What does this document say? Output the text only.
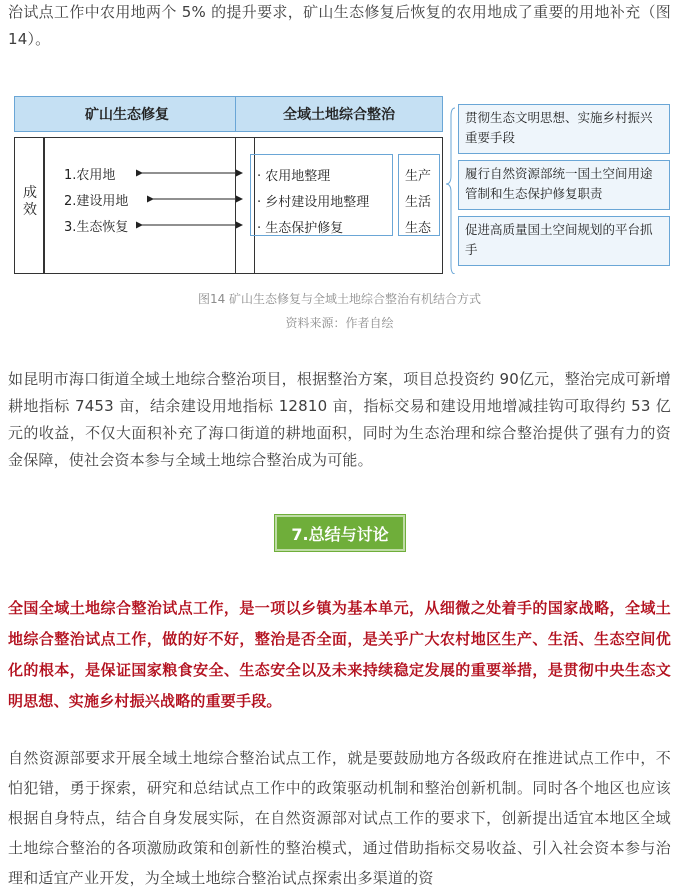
治试点工作中农用地两个 5% 的提升要求，矿山生态修复后恢复的农用地成了重要的用地补充（图 14）。

矿山生态修复	全域土地综合整治
成效
1.农用地
2.建设用地
3.生态恢复
· 农用地整理
· 乡村建设用地整理
· 生态保护修复
生产
生活
生态
贯彻生态文明思想、实施乡村振兴重要手段
履行自然资源部统一国土空间用途管制和生态保护修复职责
促进高质量国土空间规划的平台抓手
图14 矿山生态修复与全域土地综合整治有机结合方式
资料来源：作者自绘

如昆明市海口街道全域土地综合整治项目，根据整治方案，项目总投资约 90亿元，整治完成可新增耕地指标 7453 亩，结余建设用地指标 12810 亩，指标交易和建设用地增减挂钩可取得约 53 亿元的收益，不仅大面积补充了海口街道的耕地面积，同时为生态治理和综合整治提供了强有力的资金保障，使社会资本参与全域土地综合整治成为可能。

7.总结与讨论

全国全域土地综合整治试点工作，是一项以乡镇为基本单元，从细微之处着手的国家战略，全域土地综合整治试点工作，做的好不好，整治是否全面，是关乎广大农村地区生产、生活、生态空间优化的根本，是保证国家粮食安全、生态安全以及未来持续稳定发展的重要举措，是贯彻中央生态文明思想、实施乡村振兴战略的重要手段。

自然资源部要求开展全域土地综合整治试点工作，就是要鼓励地方各级政府在推进试点工作中，不怕犯错，勇于探索，研究和总结试点工作中的政策驱动机制和整治创新机制。同时各个地区也应该根据自身特点，结合自身发展实际，在自然资源部对试点工作的要求下，创新提出适宜本地区全域土地综合整治的各项激励政策和创新性的整治模式，通过借助指标交易收益、引入社会资本参与治理和适宜产业开发，为全域土地综合整治试点探索出多渠道的资
